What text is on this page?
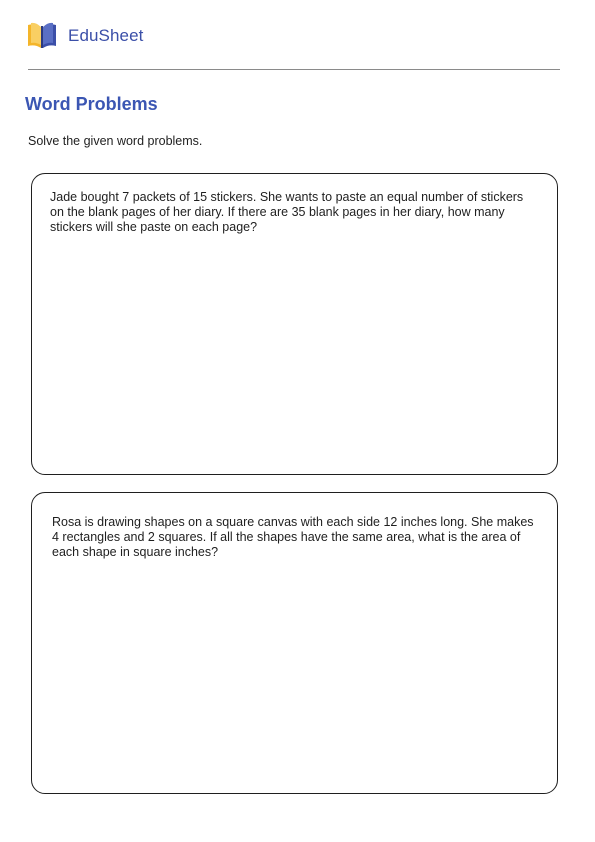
EduSheet
Word Problems

Solve the given word problems.

Jade bought 7 packets of 15 stickers. She wants to paste an equal number of stickers on the blank pages of her diary. If there are 35 blank pages in her diary, how many stickers will she paste on each page?

Rosa is drawing shapes on a square canvas with each side 12 inches long. She makes 4 rectangles and 2 squares. If all the shapes have the same area, what is the area of each shape in square inches?
